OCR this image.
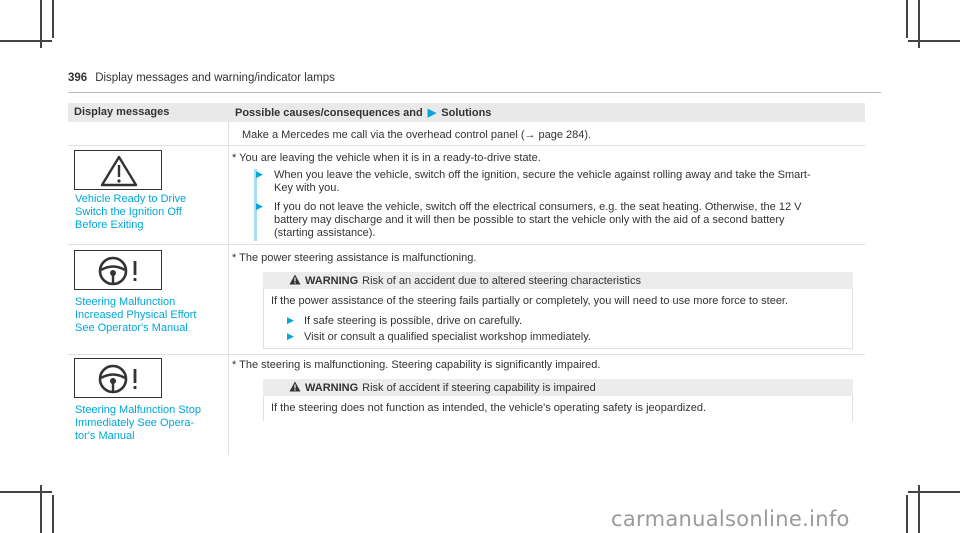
396 Display messages and warning/indicator lamps
Display messages	Possible causes/consequences and ▶ Solutions
Make a Mercedes me call via the overhead control panel (→ page 284).
Vehicle Ready to Drive
Switch the Ignition Off
Before Exiting
* You are leaving the vehicle when it is in a ready-to-drive state.
▶ When you leave the vehicle, switch off the ignition, secure the vehicle against rolling away and take the Smart-
Key with you.
▶ If you do not leave the vehicle, switch off the electrical consumers, e.g. the seat heating. Otherwise, the 12 V
battery may discharge and it will then be possible to start the vehicle only with the aid of a second battery
(starting assistance).
Steering Malfunction
Increased Physical Effort
See Operator's Manual
* The power steering assistance is malfunctioning.
WARNING Risk of an accident due to altered steering characteristics
If the power assistance of the steering fails partially or completely, you will need to use more force to steer.
▶ If safe steering is possible, drive on carefully.
▶ Visit or consult a qualified specialist workshop immediately.
Steering Malfunction Stop
Immediately See Opera-
tor's Manual
* The steering is malfunctioning. Steering capability is significantly impaired.
WARNING Risk of accident if steering capability is impaired
If the steering does not function as intended, the vehicle's operating safety is jeopardized.
carmanualsonline.info
